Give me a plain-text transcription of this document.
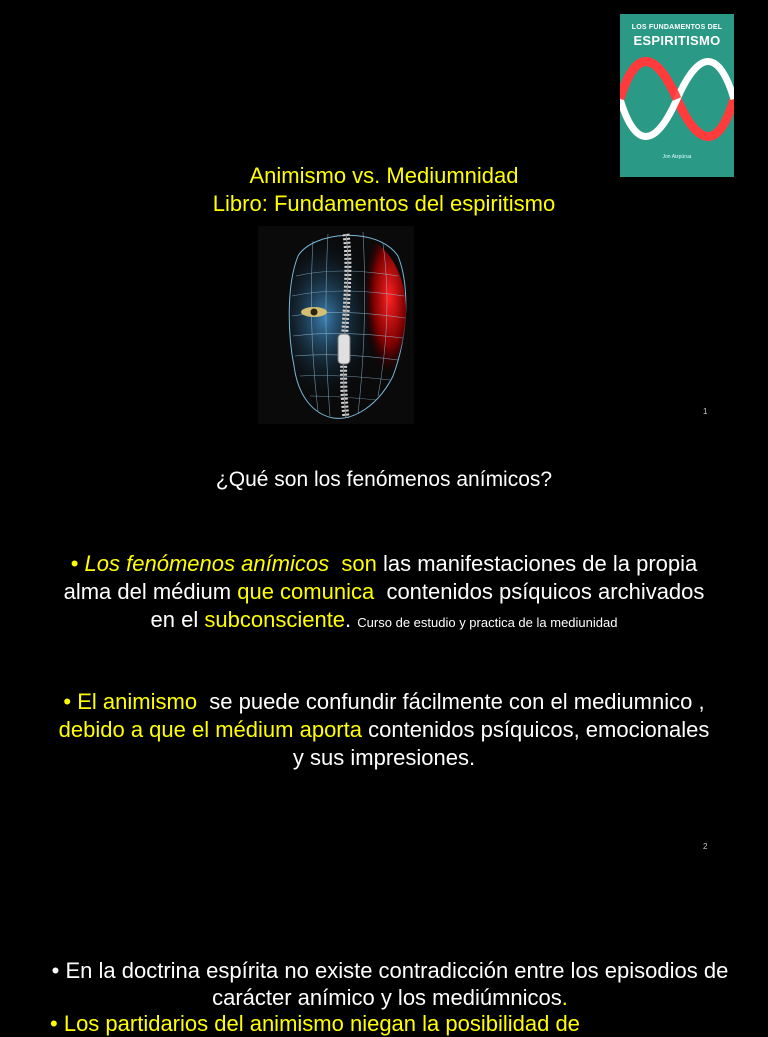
LOS FUNDAMENTOS DEL
ESPIRITISMO
Jon Aizpúrua
Animismo vs. Mediumnidad
Libro: Fundamentos del espiritismo
1
¿Qué son los fenómenos anímicos?
• Los fenómenos anímicos son las manifestaciones de la propia alma del médium que comunica contenidos psíquicos archivados en el subconsciente. Curso de estudio y practica de la mediunidad
• El animismo se puede confundir fácilmente con el mediumnico , debido a que el médium aporta contenidos psíquicos, emocionales y sus impresiones.
2
• En la doctrina espírita no existe contradicción entre los episodios de carácter anímico y los mediúmnicos.
• Los partidarios del animismo niegan la posibilidad de
